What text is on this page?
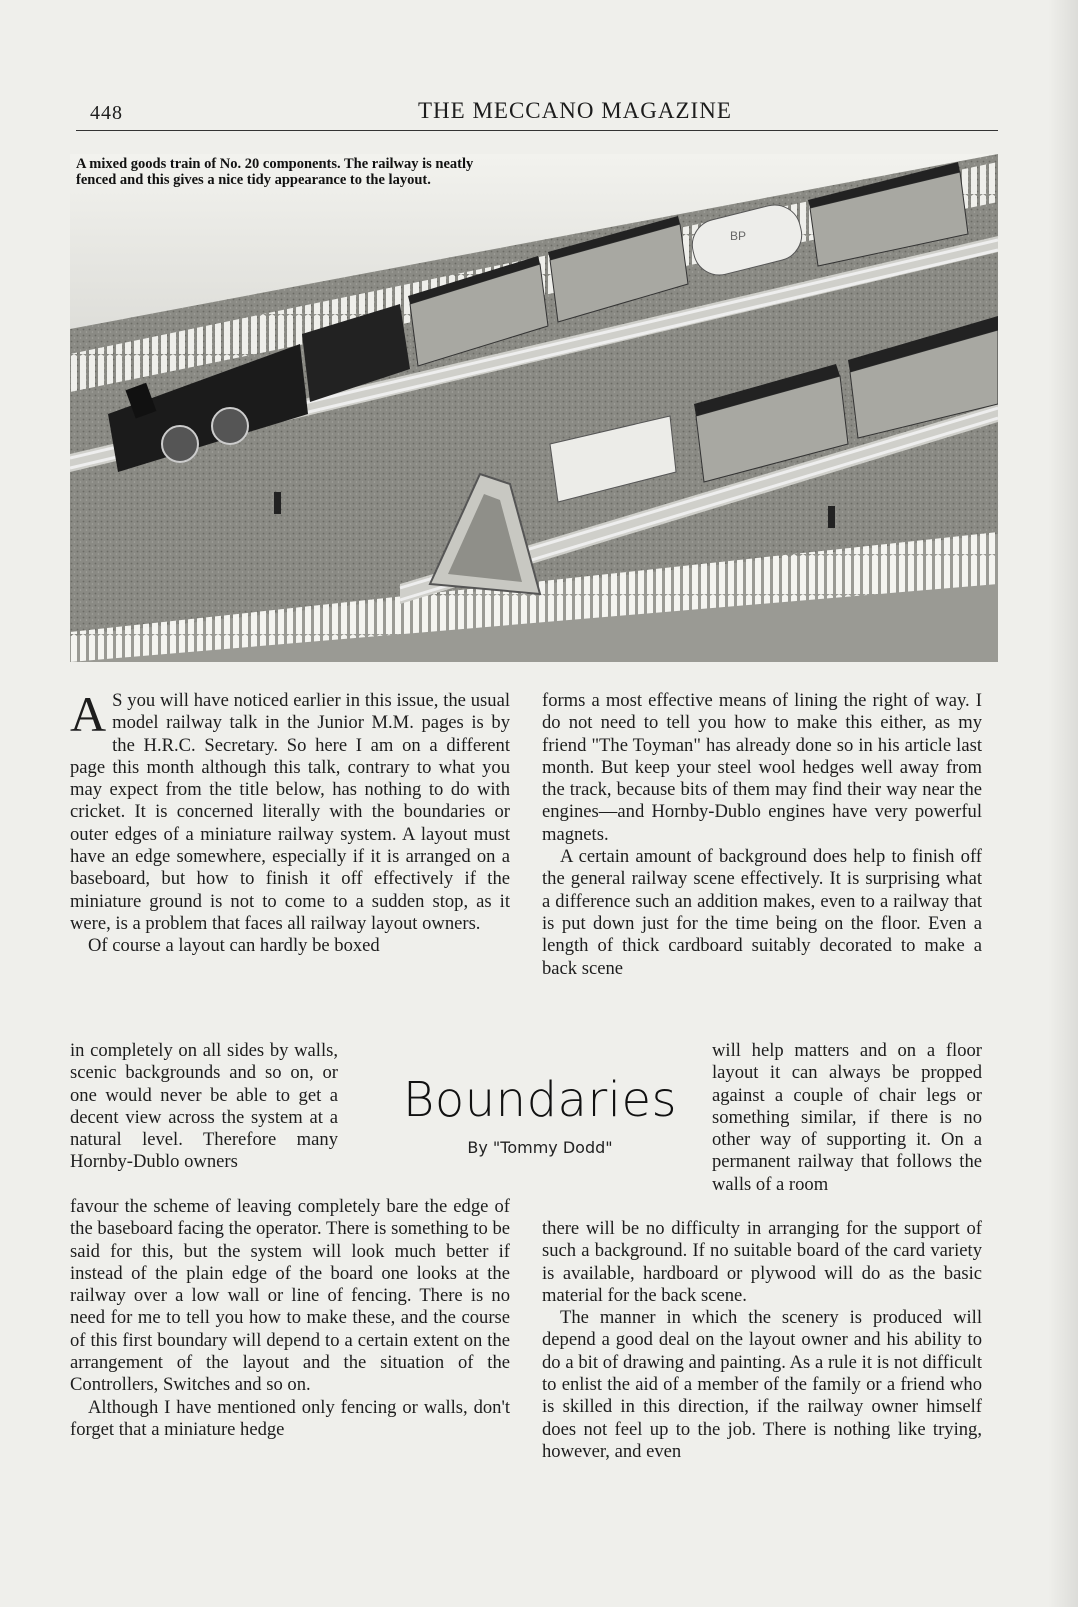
448	THE MECCANO MAGAZINE
BP
A mixed goods train of No. 20 components. The railway is neatly fenced and this gives a nice tidy appearance to the layout.

A S you will have noticed earlier in this issue, the usual model railway talk in the Junior M.M. pages is by the H.R.C. Secretary. So here I am on a different page this month although this talk, contrary to what you may expect from the title below, has nothing to do with cricket. It is concerned literally with the boundaries or outer edges of a miniature railway system. A layout must have an edge somewhere, especially if it is arranged on a baseboard, but how to finish it off effectively if the miniature ground is not to come to a sudden stop, as it were, is a problem that faces all railway layout owners.

Of course a layout can hardly be boxed

in completely on all sides by walls, scenic backgrounds and so on, or one would never be able to get a decent view across the system at a natural level. Therefore many Hornby-Dublo owners

favour the scheme of leaving completely bare the edge of the baseboard facing the operator. There is something to be said for this, but the system will look much better if instead of the plain edge of the board one looks at the railway over a low wall or line of fencing. There is no need for me to tell you how to make these, and the course of this first boundary will depend to a certain extent on the arrangement of the layout and the situation of the Controllers, Switches and so on.

Although I have mentioned only fencing or walls, don't forget that a miniature hedge

forms a most effective means of lining the right of way. I do not need to tell you how to make this either, as my friend "The Toyman" has already done so in his article last month. But keep your steel wool hedges well away from the track, because bits of them may find their way near the engines—and Hornby-Dublo engines have very powerful magnets.

A certain amount of background does help to finish off the general railway scene effectively. It is surprising what a difference such an addition makes, even to a railway that is put down just for the time being on the floor. Even a length of thick cardboard suitably decorated to make a back scene

will help matters and on a floor layout it can always be propped against a couple of chair legs or something similar, if there is no other way of supporting it. On a permanent railway that follows the walls of a room

there will be no difficulty in arranging for the support of such a background. If no suitable board of the card variety is available, hardboard or plywood will do as the basic material for the back scene.

The manner in which the scenery is produced will depend a good deal on the layout owner and his ability to do a bit of drawing and painting. As a rule it is not difficult to enlist the aid of a member of the family or a friend who is skilled in this direction, if the railway owner himself does not feel up to the job. There is nothing like trying, however, and even

Boundaries
By "Tommy Dodd"
